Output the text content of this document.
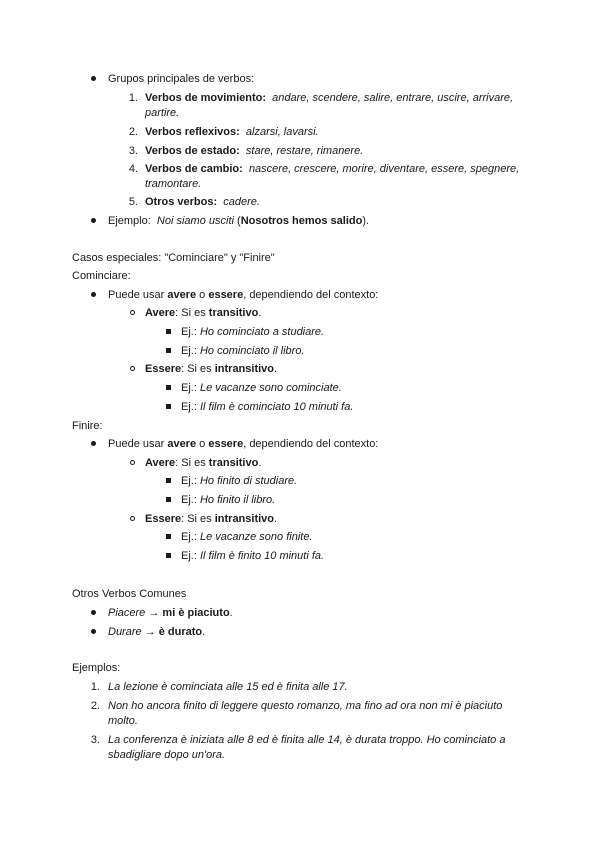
Grupos principales de verbos:
1. Verbos de movimiento: andare, scendere, salire, entrare, uscire, arrivare,
partire.
2. Verbos reflexivos: alzarsi, lavarsi.
3. Verbos de estado: stare, restare, rimanere.
4. Verbos de cambio: nascere, crescere, morire, diventare, essere, spegnere,
tramontare.
5. Otros verbos: cadere.
Ejemplo: Noi siamo usciti (Nosotros hemos salido).
Casos especiales: "Cominciare" y "Finire"
Cominciare:
Puede usar avere o essere, dependiendo del contexto:
Avere: Si es transitivo.
Ej.: Ho cominciato a studiare.
Ej.: Ho cominciato il libro.
Essere: Si es intransitivo.
Ej.: Le vacanze sono cominciate.
Ej.: Il film è cominciato 10 minuti fa.
Finire:
Puede usar avere o essere, dependiendo del contexto:
Avere: Si es transitivo.
Ej.: Ho finito di studiare.
Ej.: Ho finito il libro.
Essere: Si es intransitivo.
Ej.: Le vacanze sono finite.
Ej.: Il film è finito 10 minuti fa.
Otros Verbos Comunes
Piacere → mi è piaciuto.
Durare → è durato.
Ejemplos:
1. La lezione è cominciata alle 15 ed è finita alle 17.
2. Non ho ancora finito di leggere questo romanzo, ma fino ad ora non mi è piaciuto
molto.
3. La conferenza è iniziata alle 8 ed è finita alle 14, è durata troppo. Ho cominciato a
sbadigliare dopo un'ora.
